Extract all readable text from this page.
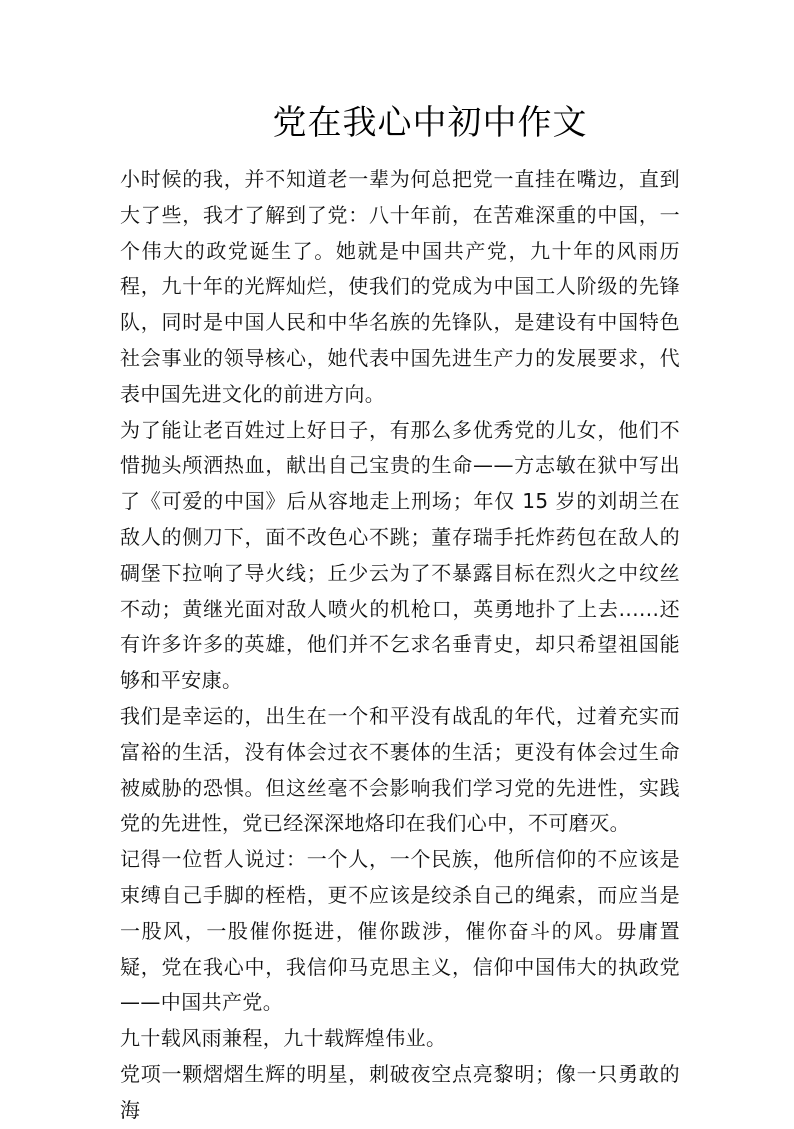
党在我心中初中作文

小时候的我，并不知道老一辈为何总把党一直挂在嘴边，直到大了些，我才了解到了党：八十年前，在苦难深重的中国，一个伟大的政党诞生了。她就是中国共产党，九十年的风雨历程，九十年的光辉灿烂，使我们的党成为中国工人阶级的先锋队，同时是中国人民和中华名族的先锋队，是建设有中国特色社会事业的领导核心，她代表中国先进生产力的发展要求，代表中国先进文化的前进方向。

为了能让老百姓过上好日子，有那么多优秀党的儿女，他们不惜抛头颅洒热血，献出自己宝贵的生命——方志敏在狱中写出了《可爱的中国》后从容地走上刑场；年仅 15 岁的刘胡兰在敌人的侧刀下，面不改色心不跳；董存瑞手托炸药包在敌人的碉堡下拉响了导火线；丘少云为了不暴露目标在烈火之中纹丝不动；黄继光面对敌人喷火的机枪口，英勇地扑了上去......还有许多许多的英雄，他们并不乞求名垂青史，却只希望祖国能够和平安康。

我们是幸运的，出生在一个和平没有战乱的年代，过着充实而富裕的生活，没有体会过衣不裹体的生活；更没有体会过生命被威胁的恐惧。但这丝毫不会影响我们学习党的先进性，实践党的先进性，党已经深深地烙印在我们心中，不可磨灭。

记得一位哲人说过：一个人，一个民族，他所信仰的不应该是束缚自己手脚的桎梏，更不应该是绞杀自己的绳索，而应当是一股风，一股催你挺进，催你跋涉，催你奋斗的风。毋庸置疑，党在我心中，我信仰马克思主义，信仰中国伟大的执政党——中国共产党。

九十载风雨兼程，九十载辉煌伟业。

党项一颗熠熠生辉的明星，刺破夜空点亮黎明；像一只勇敢的海
